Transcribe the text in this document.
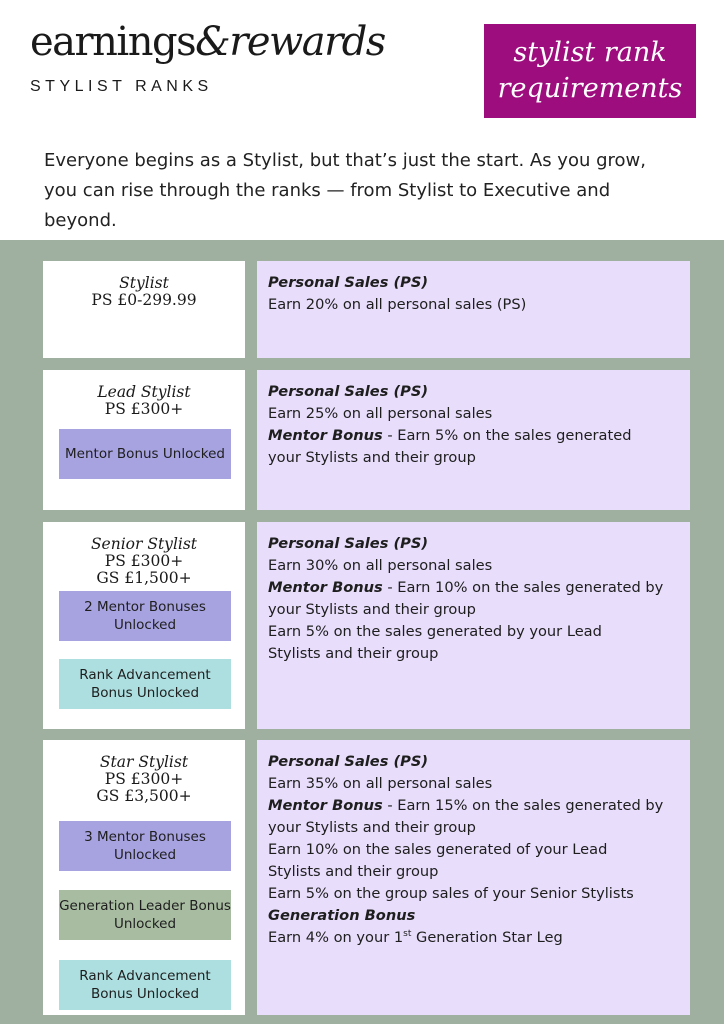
earnings&rewards
STYLIST RANKS
stylist rank
requirements
Everyone begins as a Stylist, but that’s just the start. As you grow, you can rise through the ranks — from Stylist to Executive and beyond.
Stylist
PS £0-299.99
Personal Sales (PS)
Earn 20% on all personal sales (PS)
Lead Stylist
PS £300+
Mentor Bonus Unlocked
Personal Sales (PS)
Earn 25% on all personal sales
Mentor Bonus - Earn 5% on the sales generated
your Stylists and their group
Senior Stylist
PS £300+
GS £1,500+
2 Mentor Bonuses Unlocked
Rank Advancement Bonus Unlocked
Personal Sales (PS)
Earn 30% on all personal sales
Mentor Bonus - Earn 10% on the sales generated by
your Stylists and their group
Earn 5% on the sales generated by your Lead
Stylists and their group
Star Stylist
PS £300+
GS £3,500+
3 Mentor Bonuses Unlocked
Generation Leader Bonus Unlocked
Rank Advancement Bonus Unlocked
Personal Sales (PS)
Earn 35% on all personal sales
Mentor Bonus - Earn 15% on the sales generated by
your Stylists and their group
Earn 10% on the sales generated of your Lead
Stylists and their group
Earn 5% on the group sales of your Senior Stylists
Generation Bonus
Earn 4% on your 1st Generation Star Leg
